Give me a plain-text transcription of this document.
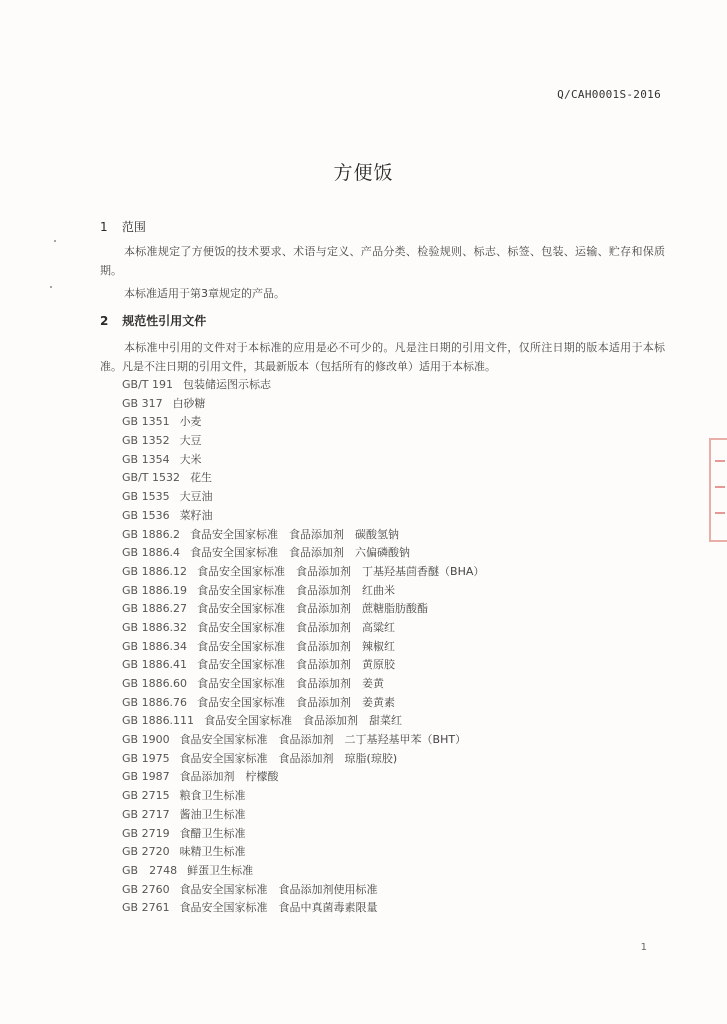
Q/CAH0001S-2016
方便饭
1 范围
本标准规定了方便饭的技术要求、术语与定义、产品分类、检验规则、标志、标签、包装、运输、贮存和保质期。
本标准适用于第3章规定的产品。
2 规范性引用文件
本标准中引用的文件对于本标准的应用是必不可少的。凡是注日期的引用文件，仅所注日期的版本适用于本标准。凡是不注日期的引用文件，其最新版本（包括所有的修改单）适用于本标准。
GB/T 191 包装储运图示标志
GB 317 白砂糖
GB 1351 小麦
GB 1352 大豆
GB 1354 大米
GB/T 1532 花生
GB 1535 大豆油
GB 1536 菜籽油
GB 1886.2 食品安全国家标准　食品添加剂　碳酸氢钠
GB 1886.4 食品安全国家标准　食品添加剂　六偏磷酸钠
GB 1886.12 食品安全国家标准　食品添加剂　丁基羟基茴香醚（BHA）
GB 1886.19 食品安全国家标准　食品添加剂　红曲米
GB 1886.27 食品安全国家标准　食品添加剂　蔗糖脂肪酸酯
GB 1886.32 食品安全国家标准　食品添加剂　高粱红
GB 1886.34 食品安全国家标准　食品添加剂　辣椒红
GB 1886.41 食品安全国家标准　食品添加剂　黄原胶
GB 1886.60 食品安全国家标准　食品添加剂　姜黄
GB 1886.76 食品安全国家标准　食品添加剂　姜黄素
GB 1886.111 食品安全国家标准　食品添加剂　甜菜红
GB 1900 食品安全国家标准　食品添加剂　二丁基羟基甲苯（BHT）
GB 1975 食品安全国家标准　食品添加剂　琼脂(琼胶)
GB 1987 食品添加剂　柠檬酸
GB 2715 粮食卫生标准
GB 2717 酱油卫生标准
GB 2719 食醋卫生标准
GB 2720 味精卫生标准
GB　2748 鲜蛋卫生标准
GB 2760 食品安全国家标准　食品添加剂使用标准
GB 2761 食品安全国家标准　食品中真菌毒素限量
1
